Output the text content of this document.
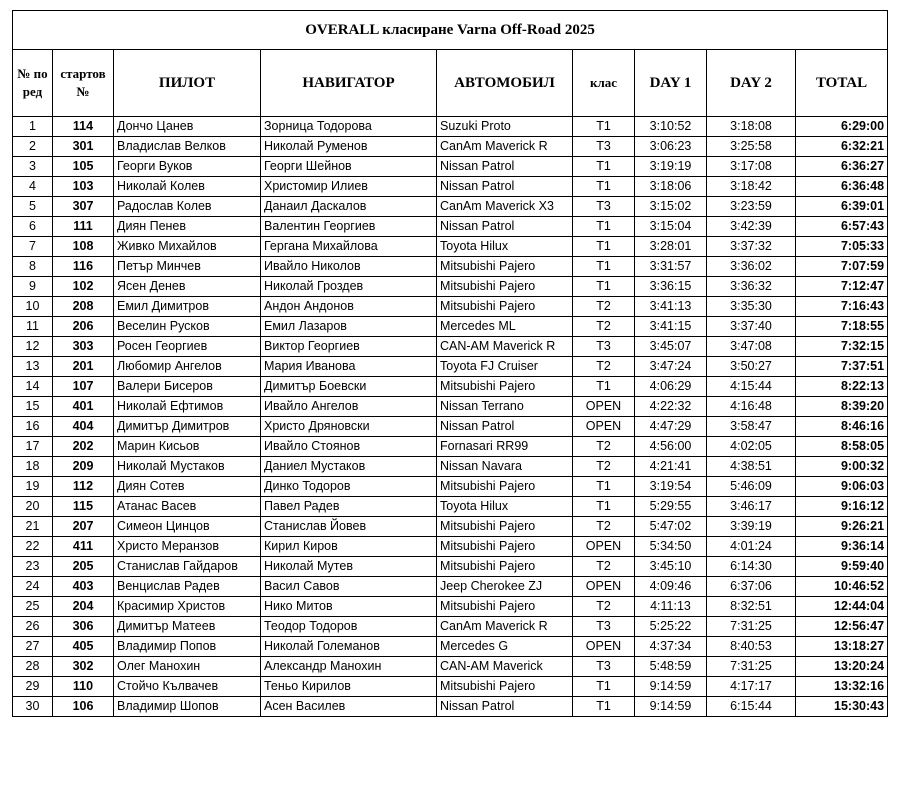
OVERALL класиране Varna Off-Road 2025								
№ по ред	стартов №	ПИЛОТ	НАВИГАТОР	АВТОМОБИЛ	клас	DAY 1	DAY 2	TOTAL
1	114	Дончо Цанев	Зорница Тодорова	Suzuki Proto	T1	3:10:52	3:18:08	6:29:00
2	301	Владислав Велков	Николай Руменов	CanAm Maverick R	T3	3:06:23	3:25:58	6:32:21
3	105	Георги Вуков	Георги Шейнов	Nissan Patrol	T1	3:19:19	3:17:08	6:36:27
4	103	Николай Колев	Христомир Илиев	Nissan Patrol	T1	3:18:06	3:18:42	6:36:48
5	307	Радослав Колев	Данаил Даскалов	CanAm Maverick X3	T3	3:15:02	3:23:59	6:39:01
6	111	Диян Пенев	Валентин Георгиев	Nissan Patrol	T1	3:15:04	3:42:39	6:57:43
7	108	Живко Михайлов	Гергана Михайлова	Toyota Hilux	T1	3:28:01	3:37:32	7:05:33
8	116	Петър Минчев	Ивайло Николов	Mitsubishi Pajero	T1	3:31:57	3:36:02	7:07:59
9	102	Ясен Денев	Николай Гроздев	Mitsubishi Pajero	T1	3:36:15	3:36:32	7:12:47
10	208	Емил Димитров	Андон Андонов	Mitsubishi Pajero	T2	3:41:13	3:35:30	7:16:43
11	206	Веселин Русков	Емил Лазаров	Mercedes ML	T2	3:41:15	3:37:40	7:18:55
12	303	Росен Георгиев	Виктор Георгиев	CAN-AM Maverick R	T3	3:45:07	3:47:08	7:32:15
13	201	Любомир Ангелов	Мария Иванова	Toyota FJ Cruiser	T2	3:47:24	3:50:27	7:37:51
14	107	Валери Бисеров	Димитър Боевски	Mitsubishi Pajero	T1	4:06:29	4:15:44	8:22:13
15	401	Николай Ефтимов	Ивайло Ангелов	Nissan Terrano	OPEN	4:22:32	4:16:48	8:39:20
16	404	Димитър Димитров	Христо Дряновски	Nissan Patrol	OPEN	4:47:29	3:58:47	8:46:16
17	202	Марин Кисьов	Ивайло Стоянов	Fornasari RR99	T2	4:56:00	4:02:05	8:58:05
18	209	Николай Мустаков	Даниел Мустаков	Nissan Navara	T2	4:21:41	4:38:51	9:00:32
19	112	Диян Сотев	Динко Тодоров	Mitsubishi Pajero	T1	3:19:54	5:46:09	9:06:03
20	115	Атанас Васев	Павел Радев	Toyota Hilux	T1	5:29:55	3:46:17	9:16:12
21	207	Симеон Цинцов	Станислав Йовев	Mitsubishi Pajero	T2	5:47:02	3:39:19	9:26:21
22	411	Христо Меранзов	Кирил Киров	Mitsubishi Pajero	OPEN	5:34:50	4:01:24	9:36:14
23	205	Станислав Гайдаров	Николай Мутев	Mitsubishi Pajero	T2	3:45:10	6:14:30	9:59:40
24	403	Венцислав Радев	Васил Савов	Jeep Cherokee ZJ	OPEN	4:09:46	6:37:06	10:46:52
25	204	Красимир Христов	Нико Митов	Mitsubishi Pajero	T2	4:11:13	8:32:51	12:44:04
26	306	Димитър Матеев	Теодор Тодоров	CanAm Maverick R	T3	5:25:22	7:31:25	12:56:47
27	405	Владимир Попов	Николай Големанов	Mercedes G	OPEN	4:37:34	8:40:53	13:18:27
28	302	Олег Манохин	Александр Манохин	CAN-AM Maverick	T3	5:48:59	7:31:25	13:20:24
29	110	Стойчо Кълвачев	Теньо Кирилов	Mitsubishi Pajero	T1	9:14:59	4:17:17	13:32:16
30	106	Владимир Шопов	Асен Василев	Nissan Patrol	T1	9:14:59	6:15:44	15:30:43
